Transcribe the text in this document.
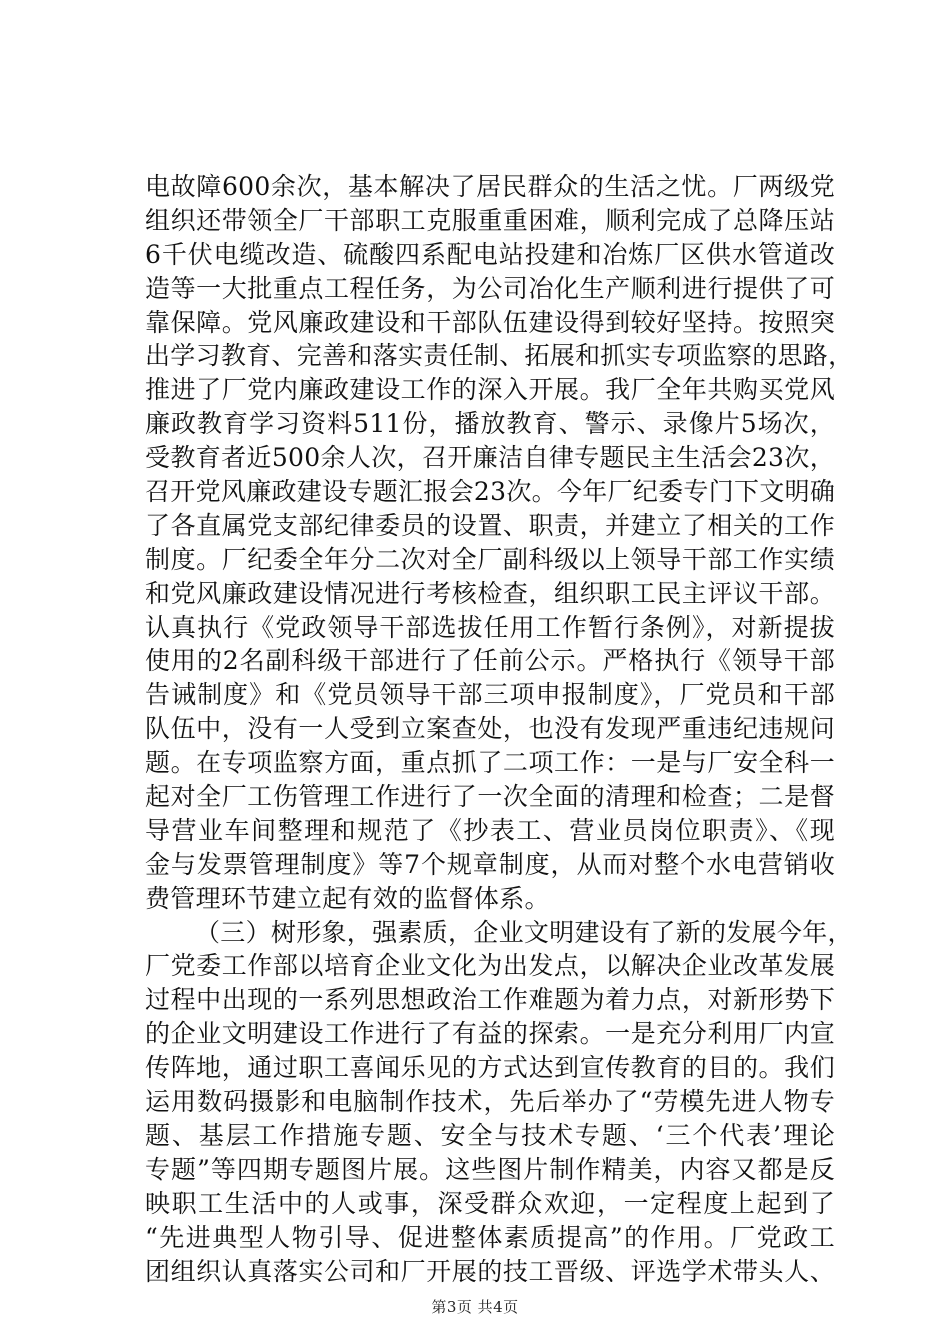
电故障600余次，基本解决了居民群众的生活之忧。厂两级党
组织还带领全厂干部职工克服重重困难，顺利完成了总降压站
6千伏电缆改造、硫酸四系配电站投建和冶炼厂区供水管道改
造等一大批重点工程任务，为公司冶化生产顺利进行提供了可
靠保障。党风廉政建设和干部队伍建设得到较好坚持。按照突
出学习教育、完善和落实责任制、拓展和抓实专项监察的思路，
推进了厂党内廉政建设工作的深入开展。我厂全年共购买党风
廉政教育学习资料511份，播放教育、警示、录像片5场次，
受教育者近500余人次，召开廉洁自律专题民主生活会23次，
召开党风廉政建设专题汇报会23次。今年厂纪委专门下文明确
了各直属党支部纪律委员的设置、职责，并建立了相关的工作
制度。厂纪委全年分二次对全厂副科级以上领导干部工作实绩
和党风廉政建设情况进行考核检查，组织职工民主评议干部。
认真执行《党政领导干部选拔任用工作暂行条例》，对新提拔
使用的2名副科级干部进行了任前公示。严格执行《领导干部
告诫制度》和《党员领导干部三项申报制度》，厂党员和干部
队伍中，没有一人受到立案查处，也没有发现严重违纪违规问
题。在专项监察方面，重点抓了二项工作：一是与厂安全科一
起对全厂工伤管理工作进行了一次全面的清理和检查；二是督
导营业车间整理和规范了《抄表工、营业员岗位职责》、《现
金与发票管理制度》等7个规章制度，从而对整个水电营销收
费管理环节建立起有效的监督体系。
（三）树形象，强素质，企业文明建设有了新的发展今年，
厂党委工作部以培育企业文化为出发点，以解决企业改革发展
过程中出现的一系列思想政治工作难题为着力点，对新形势下
的企业文明建设工作进行了有益的探索。一是充分利用厂内宣
传阵地，通过职工喜闻乐见的方式达到宣传教育的目的。我们
运用数码摄影和电脑制作技术，先后举办了“劳模先进人物专
题、基层工作措施专题、安全与技术专题、‘三个代表’理论
专题”等四期专题图片展。这些图片制作精美，内容又都是反
映职工生活中的人或事，深受群众欢迎，一定程度上起到了
“先进典型人物引导、促进整体素质提高”的作用。厂党政工
团组织认真落实公司和厂开展的技工晋级、评选学术带头人、
第3页 共4页
